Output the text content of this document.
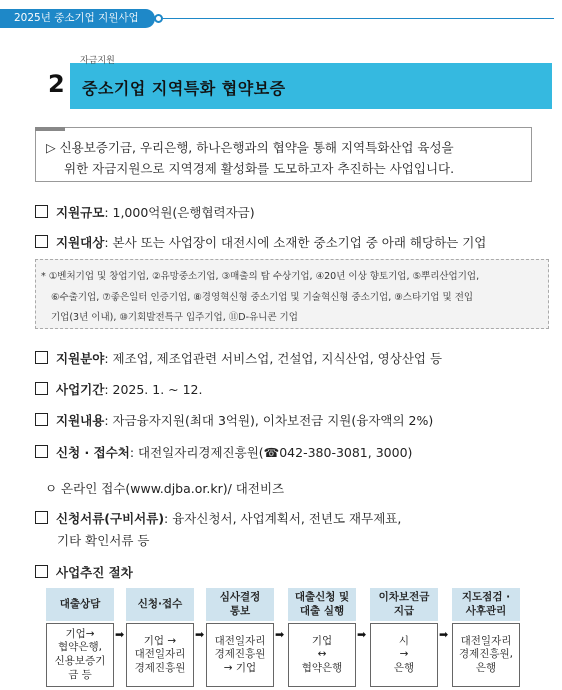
2025년 중소기업 지원사업
자금지원
2 중소기업 지역특화 협약보증
▷ 신용보증기금, 우리은행, 하나은행과의 협약을 통해 지역특화산업 육성을
위한 자금지원으로 지역경제 활성화를 도모하고자 추진하는 사업입니다.
지원규모: 1,000억원(은행협력자금)
지원대상: 본사 또는 사업장이 대전시에 소재한 중소기업 중 아래 해당하는 기업
* ①벤처기업 및 창업기업, ②유망중소기업, ③매출의 탑 수상기업, ④20년 이상 향토기업, ⑤뿌리산업기업,
⑥수출기업, ⑦좋은일터 인증기업, ⑧경영혁신형 중소기업 및 기술혁신형 중소기업, ⑨스타기업 및 전입
기업(3년 이내), ⑩기회발전특구 입주기업, ⑪D-유니콘 기업
지원분야: 제조업, 제조업관련 서비스업, 건설업, 지식산업, 영상산업 등
사업기간: 2025. 1. ~ 12.
지원내용: 자금융자지원(최대 3억원), 이차보전금 지원(융자액의 2%)
신청 · 접수처: 대전일자리경제진흥원(☎042-380-3081, 3000)
ㅇ 온라인 접수(www.djba.or.kr)/ 대전비즈
신청서류(구비서류): 융자신청서, 사업계획서, 전년도 재무제표,
기타 확인서류 등
사업추진 절차
대출상담
기업→
협약은행,
신용보증기
금 등
➡
신청·접수
기업 →
대전일자리
경제진흥원
➡
심사결정
통보
대전일자리
경제진흥원
→ 기업
➡
대출신청 및
대출 실행
기업
↔
협약은행
➡
이차보전금
지급
시
→
은행
➡
지도점검 ·
사후관리
대전일자리
경제진흥원,
은행
